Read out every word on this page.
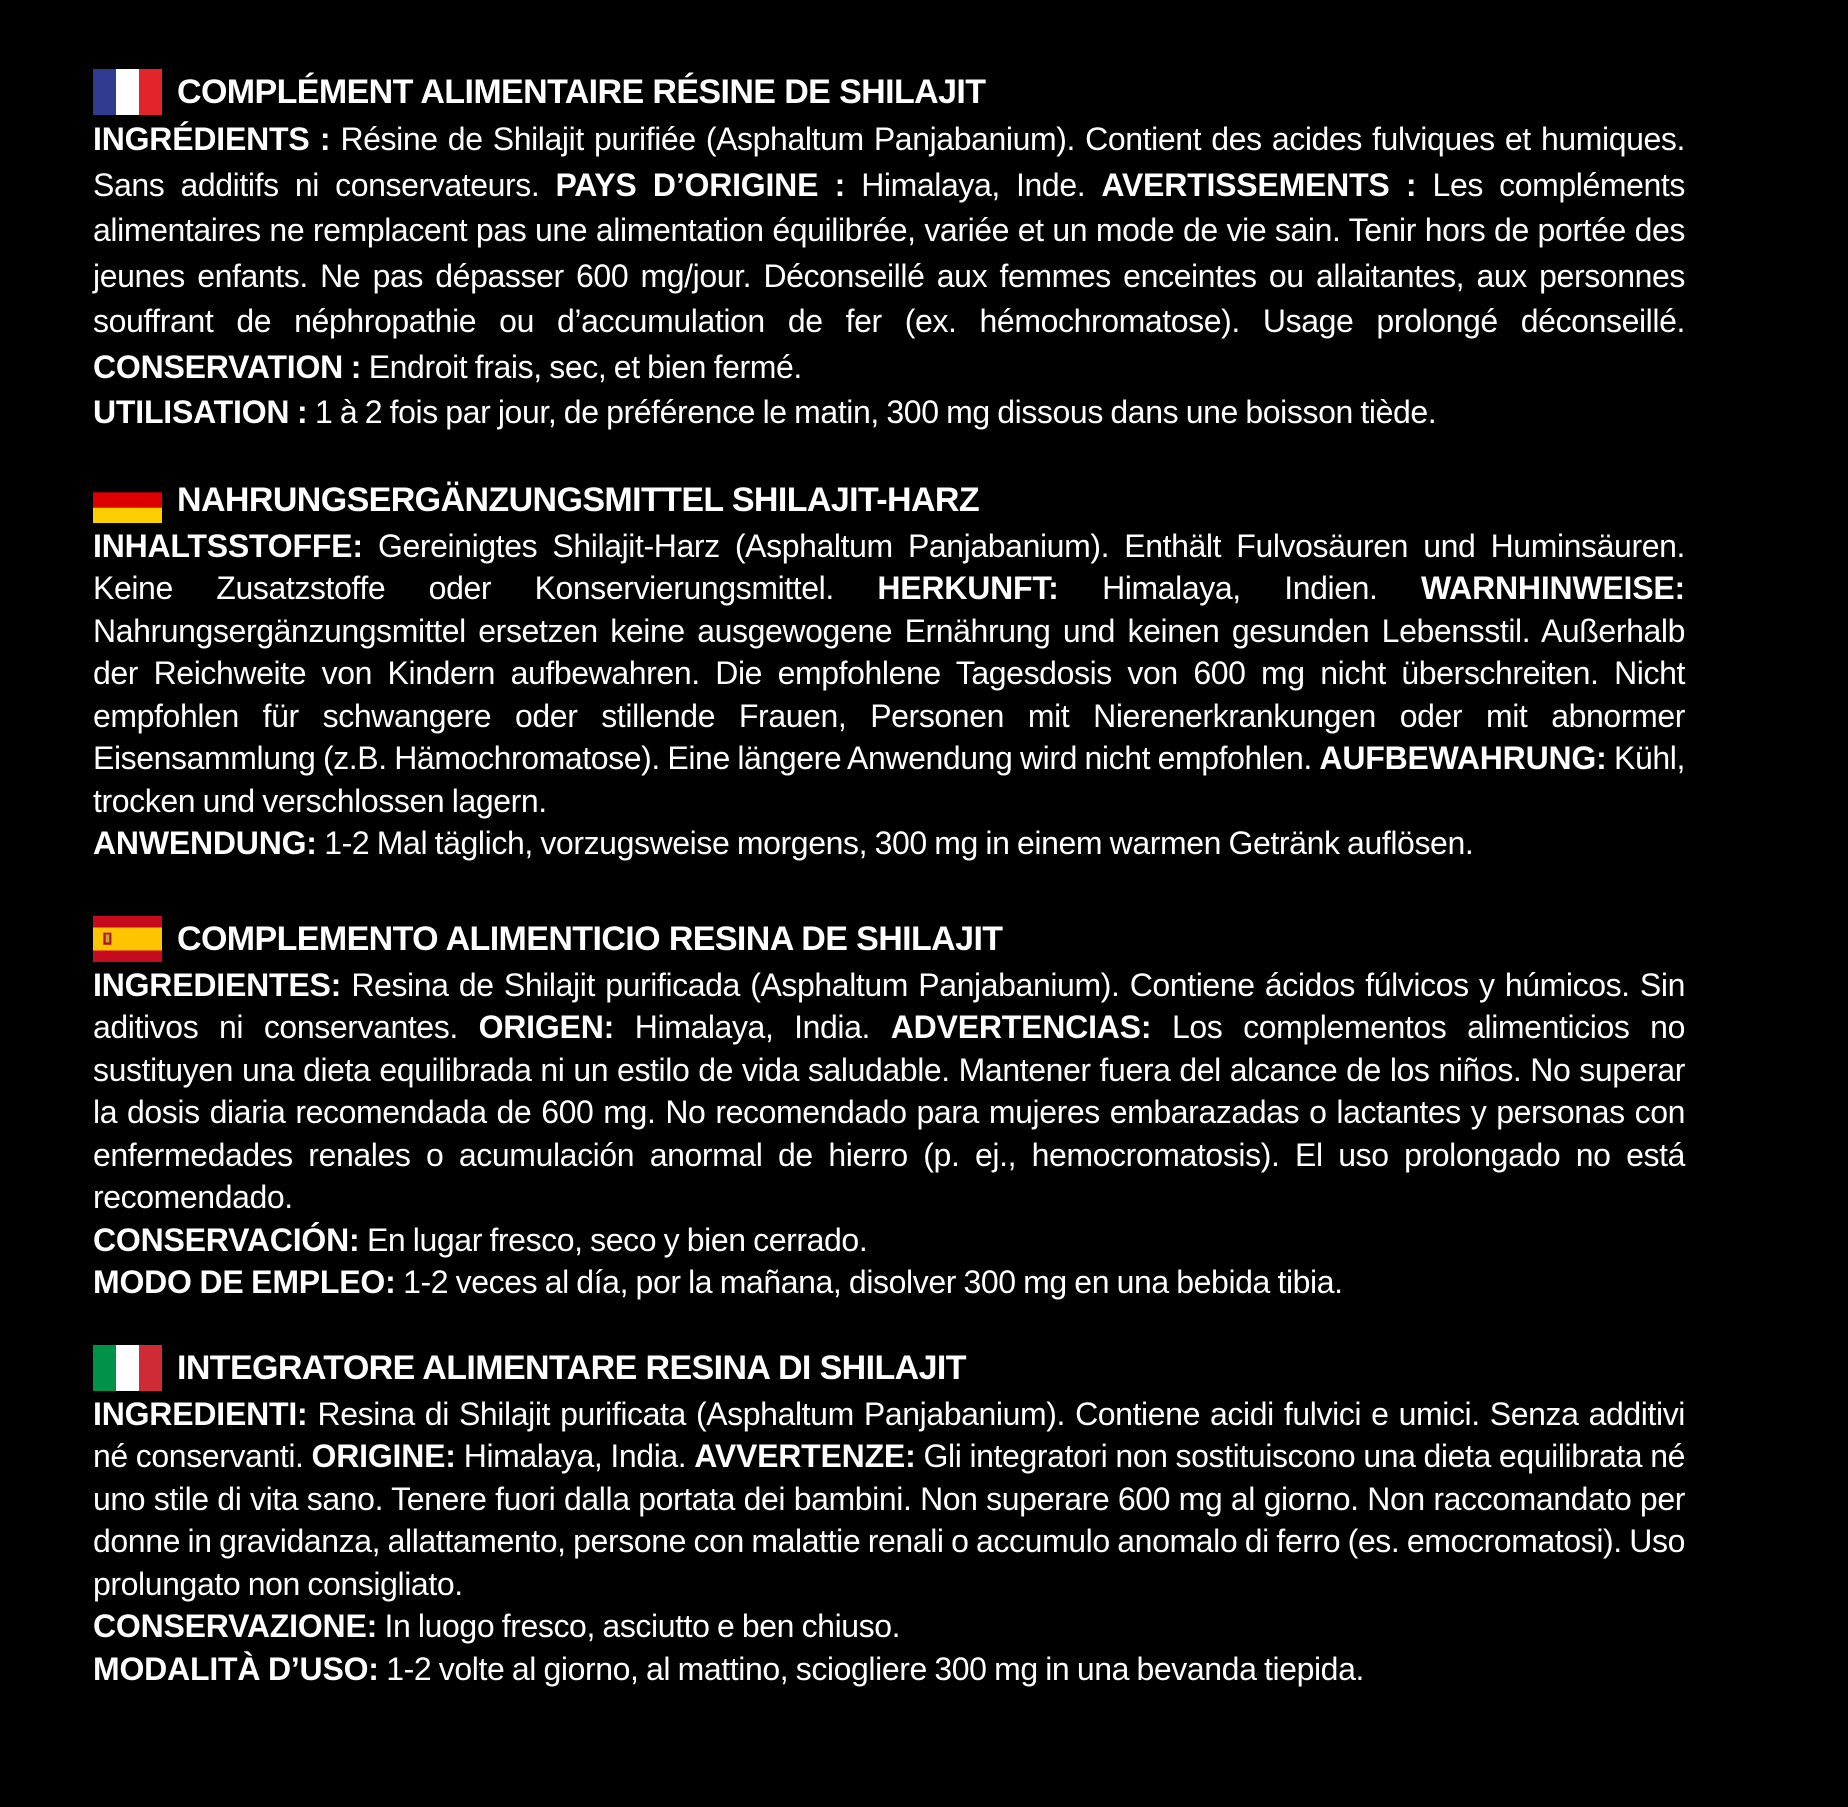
COMPLÉMENT ALIMENTAIRE RÉSINE DE SHILAJIT

INGRÉDIENTS : Résine de Shilajit purifiée (Asphaltum Panjabanium). Contient des acides fulviques et humiques. Sans additifs ni conservateurs. PAYS D’ORIGINE : Himalaya, Inde. AVERTISSEMENTS : Les compléments alimentaires ne remplacent pas une alimentation équilibrée, variée et un mode de vie sain. Tenir hors de portée des jeunes enfants. Ne pas dépasser 600 mg/jour. Déconseillé aux femmes enceintes ou allaitantes, aux personnes souffrant de néphropathie ou d’accumulation de fer (ex. hémochromatose). Usage prolongé déconseillé. CONSERVATION : Endroit frais, sec, et bien fermé.
UTILISATION : 1 à 2 fois par jour, de préférence le matin, 300 mg dissous dans une boisson tiède.

NAHRUNGSERGÄNZUNGSMITTEL SHILAJIT-HARZ

INHALTSSTOFFE: Gereinigtes Shilajit-Harz (Asphaltum Panjabanium). Enthält Fulvosäuren und Huminsäuren. Keine Zusatzstoffe oder Konservierungsmittel. HERKUNFT: Himalaya, Indien. WARNHINWEISE: Nahrungsergänzungsmittel ersetzen keine ausgewogene Ernährung und keinen gesunden Lebensstil. Außerhalb der Reichweite von Kindern aufbewahren. Die empfohlene Tagesdosis von 600 mg nicht überschreiten. Nicht empfohlen für schwangere oder stillende Frauen, Personen mit Nierenerkrankungen oder mit abnormer Eisensammlung (z.B. Hämochromatose). Eine längere Anwendung wird nicht empfohlen. AUFBEWAHRUNG: Kühl, trocken und verschlossen lagern.
ANWENDUNG: 1-2 Mal täglich, vorzugsweise morgens, 300 mg in einem warmen Getränk auflösen.

COMPLEMENTO ALIMENTICIO RESINA DE SHILAJIT

INGREDIENTES: Resina de Shilajit purificada (Asphaltum Panjabanium). Contiene ácidos fúlvicos y húmicos. Sin aditivos ni conservantes. ORIGEN: Himalaya, India. ADVERTENCIAS: Los complementos alimenticios no sustituyen una dieta equilibrada ni un estilo de vida saludable. Mantener fuera del alcance de los niños. No superar la dosis diaria recomendada de 600 mg. No recomendado para mujeres embarazadas o lactantes y personas con enfermedades renales o acumulación anormal de hierro (p. ej., hemocromatosis). El uso prolongado no está recomendado.
CONSERVACIÓN: En lugar fresco, seco y bien cerrado.
MODO DE EMPLEO: 1-2 veces al día, por la mañana, disolver 300 mg en una bebida tibia.

INTEGRATORE ALIMENTARE RESINA DI SHILAJIT

INGREDIENTI: Resina di Shilajit purificata (Asphaltum Panjabanium). Contiene acidi fulvici e umici. Senza additivi né conservanti. ORIGINE: Himalaya, India. AVVERTENZE: Gli integratori non sostituiscono una dieta equilibrata né uno stile di vita sano. Tenere fuori dalla portata dei bambini. Non superare 600 mg al giorno. Non raccomandato per donne in gravidanza, allattamento, persone con malattie renali o accumulo anomalo di ferro (es. emocromatosi). Uso prolungato non consigliato.
CONSERVAZIONE: In luogo fresco, asciutto e ben chiuso.
MODALITÀ D’USO: 1-2 volte al giorno, al mattino, sciogliere 300 mg in una bevanda tiepida.
